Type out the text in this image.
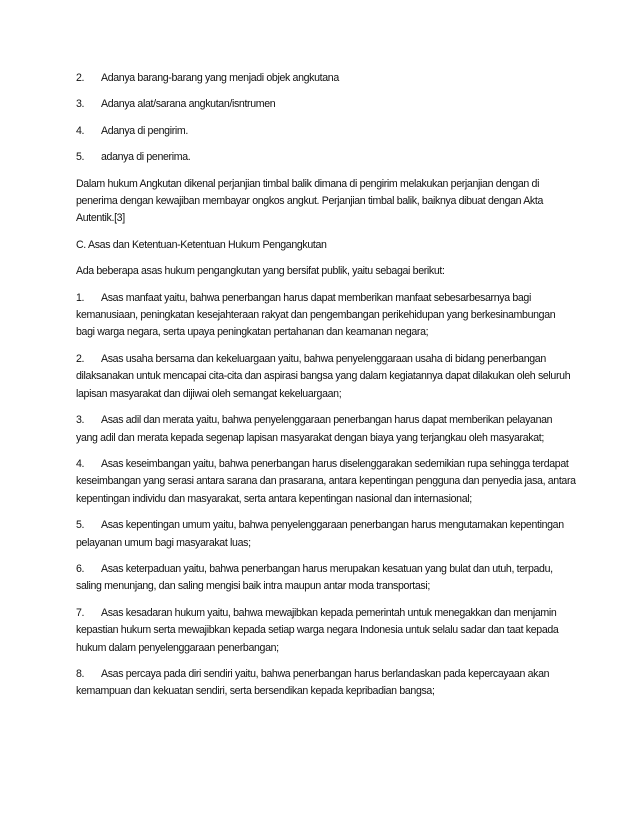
2. Adanya barang-barang yang menjadi objek angkutana

3. Adanya alat/sarana angkutan/isntrumen

4. Adanya di pengirim.

5. adanya di penerima.

Dalam hukum Angkutan dikenal perjanjian timbal balik dimana di pengirim melakukan perjanjian dengan di penerima dengan kewajiban membayar ongkos angkut. Perjanjian timbal balik, baiknya dibuat dengan Akta Autentik.[3]

C. Asas dan Ketentuan-Ketentuan Hukum Pengangkutan

Ada beberapa asas hukum pengangkutan yang bersifat publik, yaitu sebagai berikut:

1. Asas manfaat yaitu, bahwa penerbangan harus dapat memberikan manfaat sebesarbesarnya bagi kemanusiaan, peningkatan kesejahteraan rakyat dan pengembangan perikehidupan yang berkesinambungan bagi warga negara, serta upaya peningkatan pertahanan dan keamanan negara;

2. Asas usaha bersama dan kekeluargaan yaitu, bahwa penyelenggaraan usaha di bidang penerbangan dilaksanakan untuk mencapai cita-cita dan aspirasi bangsa yang dalam kegiatannya dapat dilakukan oleh seluruh lapisan masyarakat dan dijiwai oleh semangat kekeluargaan;

3. Asas adil dan merata yaitu, bahwa penyelenggaraan penerbangan harus dapat memberikan pelayanan yang adil dan merata kepada segenap lapisan masyarakat dengan biaya yang terjangkau oleh masyarakat;

4. Asas keseimbangan yaitu, bahwa penerbangan harus diselenggarakan sedemikian rupa sehingga terdapat keseimbangan yang serasi antara sarana dan prasarana, antara kepentingan pengguna dan penyedia jasa, antara kepentingan individu dan masyarakat, serta antara kepentingan nasional dan internasional;

5. Asas kepentingan umum yaitu, bahwa penyelenggaraan penerbangan harus mengutamakan kepentingan pelayanan umum bagi masyarakat luas;

6. Asas keterpaduan yaitu, bahwa penerbangan harus merupakan kesatuan yang bulat dan utuh, terpadu, saling menunjang, dan saling mengisi baik intra maupun antar moda transportasi;

7. Asas kesadaran hukum yaitu, bahwa mewajibkan kepada pemerintah untuk menegakkan dan menjamin kepastian hukum serta mewajibkan kepada setiap warga negara Indonesia untuk selalu sadar dan taat kepada hukum dalam penyelenggaraan penerbangan;

8. Asas percaya pada diri sendiri yaitu, bahwa penerbangan harus berlandaskan pada kepercayaan akan kemampuan dan kekuatan sendiri, serta bersendikan kepada kepribadian bangsa;
